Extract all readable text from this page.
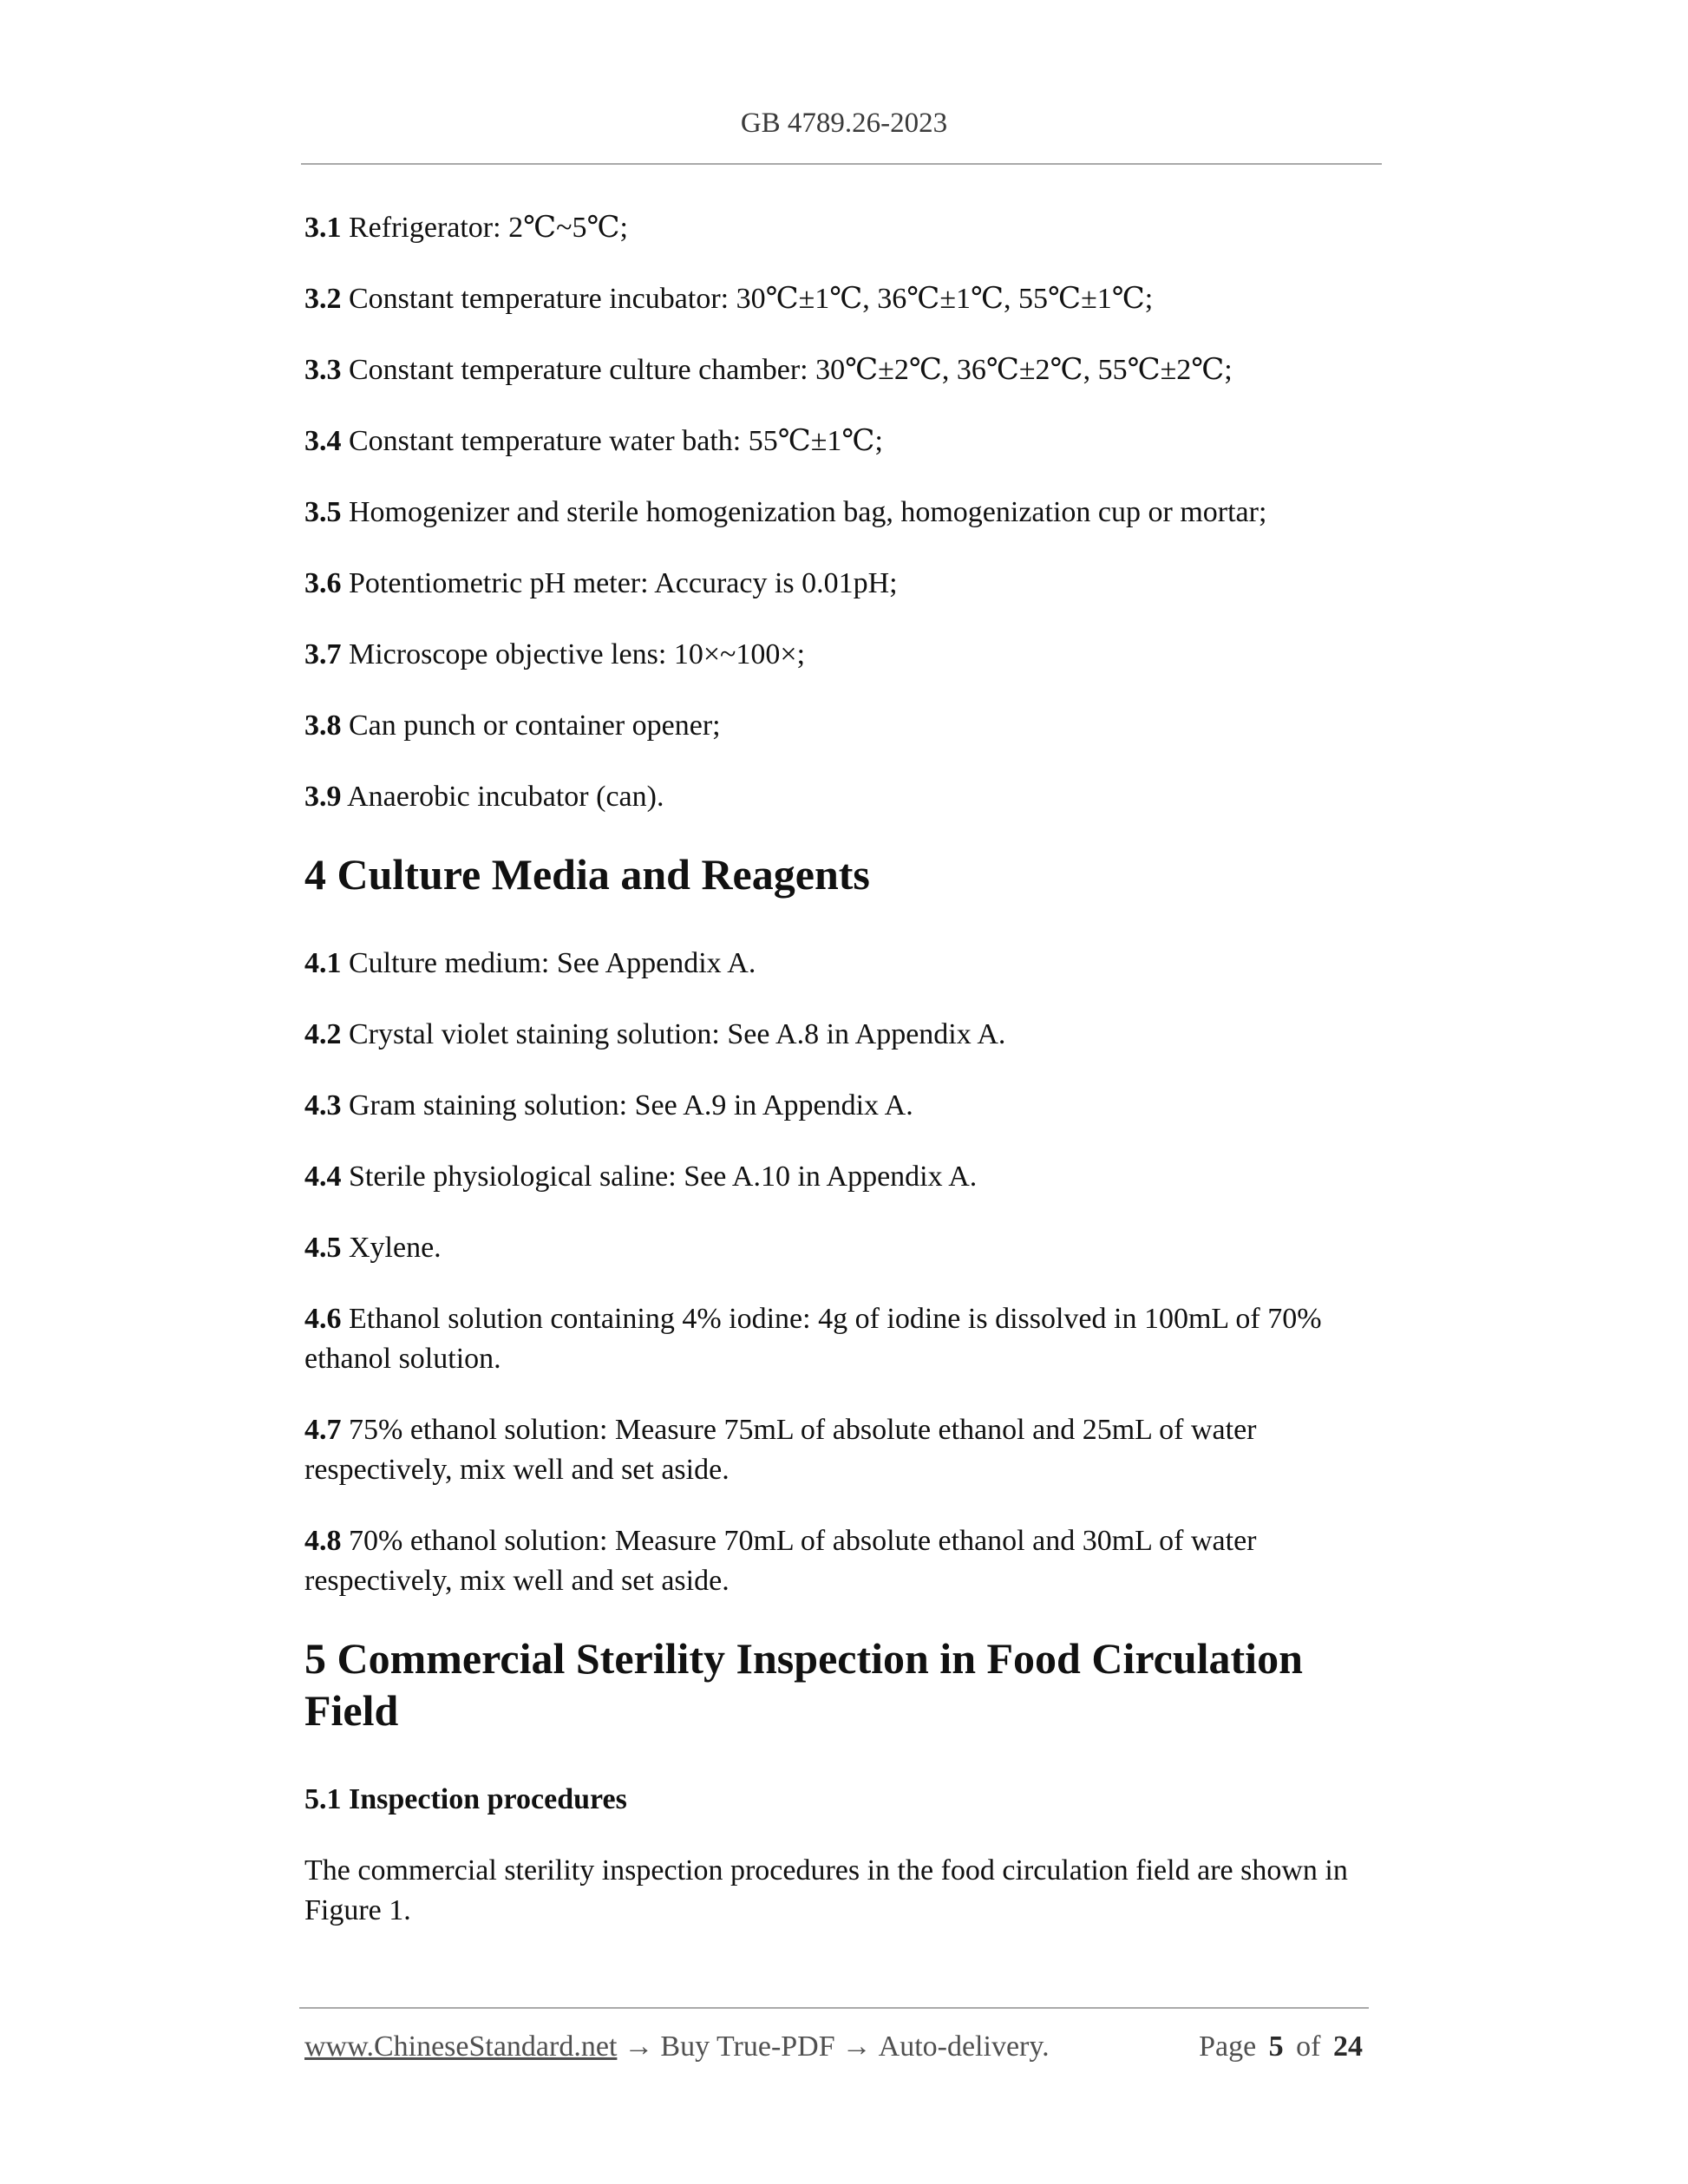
GB 4789.26-2023

3.1 Refrigerator: 2℃~5℃;

3.2 Constant temperature incubator: 30℃±1℃, 36℃±1℃, 55℃±1℃;

3.3 Constant temperature culture chamber: 30℃±2℃, 36℃±2℃, 55℃±2℃;

3.4 Constant temperature water bath: 55℃±1℃;

3.5 Homogenizer and sterile homogenization bag, homogenization cup or mortar;

3.6 Potentiometric pH meter: Accuracy is 0.01pH;

3.7 Microscope objective lens: 10×~100×;

3.8 Can punch or container opener;

3.9 Anaerobic incubator (can).

4 Culture Media and Reagents

4.1 Culture medium: See Appendix A.

4.2 Crystal violet staining solution: See A.8 in Appendix A.

4.3 Gram staining solution: See A.9 in Appendix A.

4.4 Sterile physiological saline: See A.10 in Appendix A.

4.5 Xylene.

4.6 Ethanol solution containing 4% iodine: 4g of iodine is dissolved in 100mL of 70% ethanol solution.

4.7 75% ethanol solution: Measure 75mL of absolute ethanol and 25mL of water respectively, mix well and set aside.

4.8 70% ethanol solution: Measure 70mL of absolute ethanol and 30mL of water respectively, mix well and set aside.

5 Commercial Sterility Inspection in Food Circulation Field
5.1 Inspection procedures

The commercial sterility inspection procedures in the food circulation field are shown in Figure 1.

www.ChineseStandard.net → Buy True-PDF → Auto-delivery.	Page 5 of 24
